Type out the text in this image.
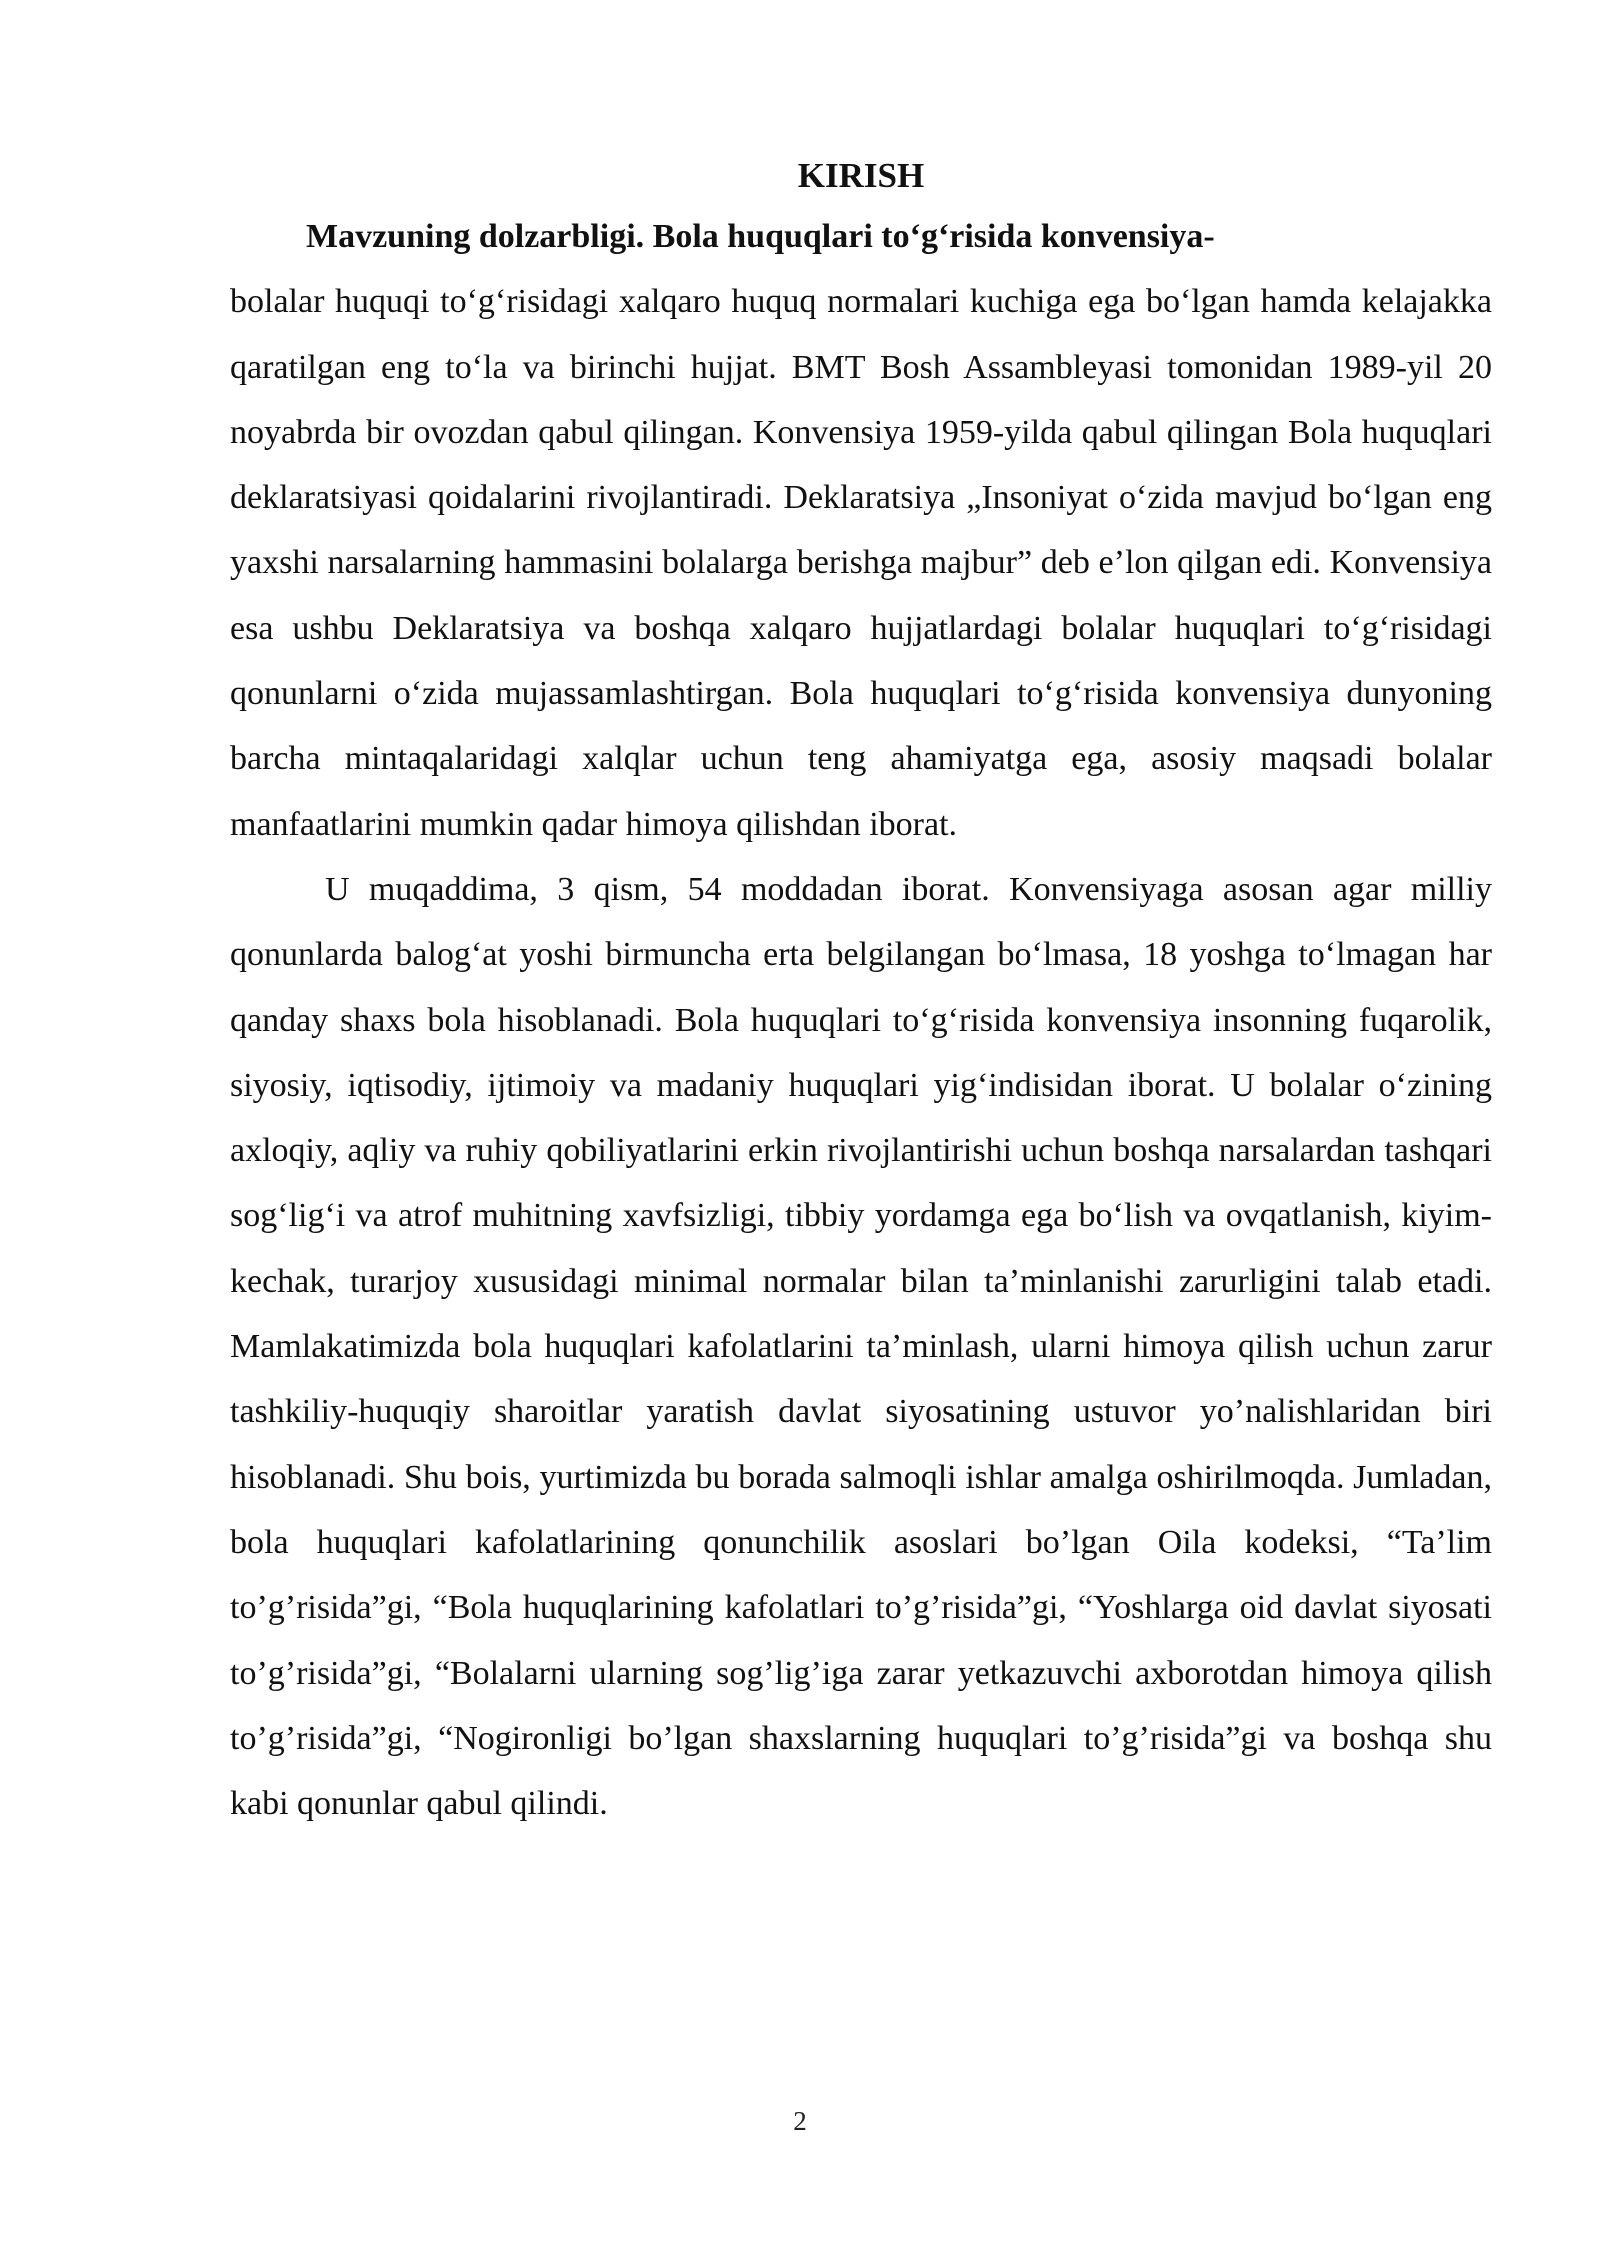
KIRISH

Mavzuning dolzarbligi. Bola huquqlari to‘g‘risida konvensiya-
bolalar huquqi to‘g‘risidagi xalqaro huquq normalari kuchiga ega bo‘lgan hamda kelajakka qaratilgan eng to‘la va birinchi hujjat. BMT Bosh Assambleyasi tomonidan 1989-yil 20 noyabrda bir ovozdan qabul qilingan. Konvensiya 1959-yilda qabul qilingan Bola huquqlari deklaratsiyasi qoidalarini rivojlantiradi. Deklaratsiya „Insoniyat o‘zida mavjud bo‘lgan eng yaxshi narsalarning hammasini bolalarga berishga majbur” deb e’lon qilgan edi. Konvensiya esa ushbu Deklaratsiya va boshqa xalqaro hujjatlardagi bolalar huquqlari to‘g‘risidagi qonunlarni o‘zida mujassamlashtirgan. Bola huquqlari to‘g‘risida konvensiya dunyoning barcha mintaqalaridagi xalqlar uchun teng ahamiyatga ega, asosiy maqsadi bolalar manfaatlarini mumkin qadar himoya qilishdan iborat.

U muqaddima, 3 qism, 54 moddadan iborat. Konvensiyaga asosan agar milliy qonunlarda balog‘at yoshi birmuncha erta belgilangan bo‘lmasa, 18 yoshga to‘lmagan har qanday shaxs bola hisoblanadi. Bola huquqlari to‘g‘risida konvensiya insonning fuqarolik, siyosiy, iqtisodiy, ijtimoiy va madaniy huquqlari yig‘indisidan iborat. U bolalar o‘zining axloqiy, aqliy va ruhiy qobiliyatlarini erkin rivojlantirishi uchun boshqa narsalardan tashqari sog‘lig‘i va atrof muhitning xavfsizligi, tibbiy yordamga ega bo‘lish va ovqatlanish, kiyim-kechak, turarjoy xususidagi minimal normalar bilan ta’minlanishi zarurligini talab etadi. Mamlakatimizda bola huquqlari kafolatlarini ta’minlash, ularni himoya qilish uchun zarur tashkiliy-huquqiy sharoitlar yaratish davlat siyosatining ustuvor yo’nalishlaridan biri hisoblanadi. Shu bois, yurtimizda bu borada salmoqli ishlar amalga oshirilmoqda. Jumladan, bola huquqlari kafolatlarining qonunchilik asoslari bo’lgan Oila kodeksi, “Ta’lim to’g’risida”gi, “Bola huquqlarining kafolatlari to’g’risida”gi, “Yoshlarga oid davlat siyosati to’g’risida”gi, “Bolalarni ularning sog’lig’iga zarar yetkazuvchi axborotdan himoya qilish to’g’risida”gi, “Nogironligi bo’lgan shaxslarning huquqlari to’g’risida”gi va boshqa shu kabi qonunlar qabul qilindi.

2
